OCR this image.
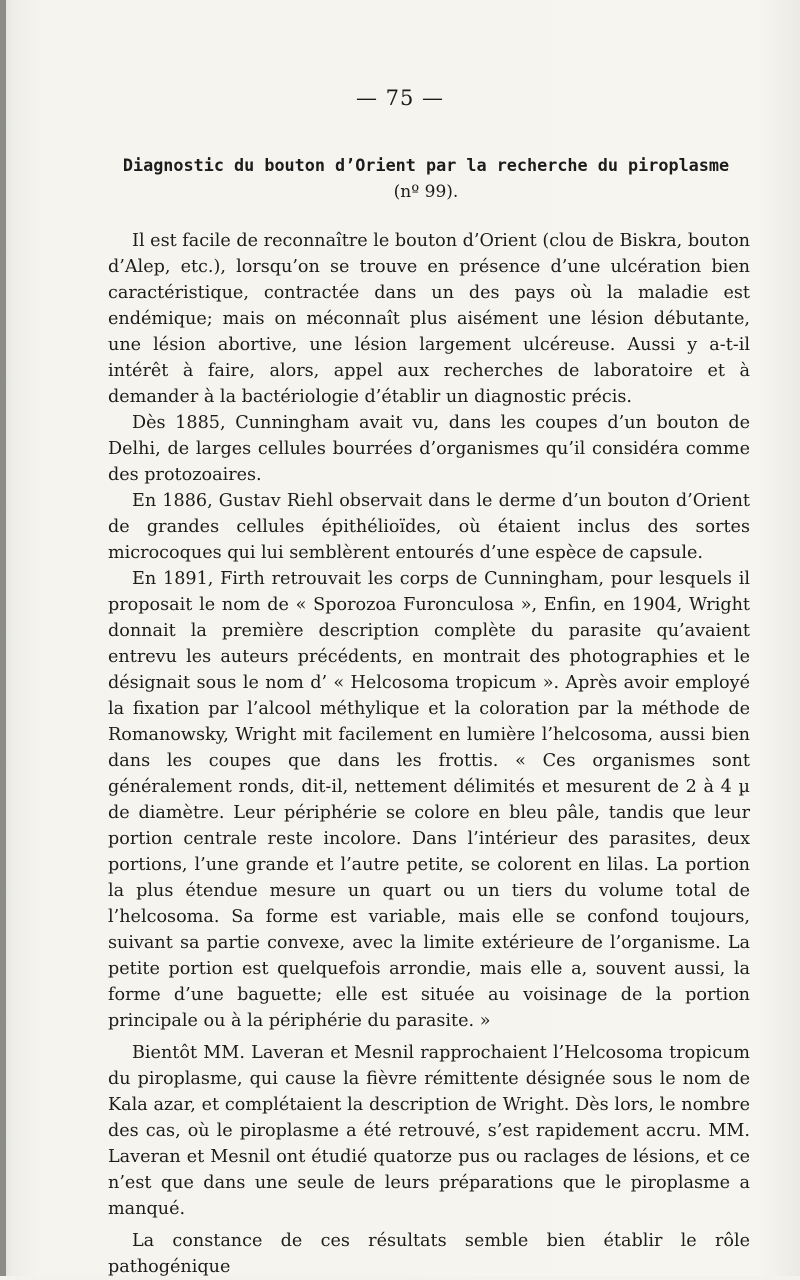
— 75 —
Diagnostic du bouton d’Orient par la recherche du piroplasme
(nº 99).

Il est facile de reconnaître le bouton d’Orient (clou de Biskra, bouton d’Alep, etc.), lorsqu’on se trouve en présence d’une ulcération bien caractéristique, contractée dans un des pays où la maladie est endémique; mais on méconnaît plus aisément une lésion débutante, une lésion abortive, une lésion largement ulcéreuse. Aussi y a-t-il intérêt à faire, alors, appel aux recherches de laboratoire et à demander à la bactériologie d’établir un diagnostic précis.

Dès 1885, Cunningham avait vu, dans les coupes d’un bouton de Delhi, de larges cellules bourrées d’organismes qu’il considéra comme des protozoaires.

En 1886, Gustav Riehl observait dans le derme d’un bouton d’Orient de grandes cellules épithélioïdes, où étaient inclus des sortes microcoques qui lui semblèrent entourés d’une espèce de capsule.

En 1891, Firth retrouvait les corps de Cunningham, pour lesquels il proposait le nom de « Sporozoa Furonculosa », Enfin, en 1904, Wright donnait la première description complète du parasite qu’avaient entrevu les auteurs précédents, en montrait des photographies et le désignait sous le nom d’ « Helcosoma tropicum ». Après avoir employé la fixation par l’alcool méthylique et la coloration par la méthode de Romanowsky, Wright mit facilement en lumière l’helcosoma, aussi bien dans les coupes que dans les frottis. « Ces organismes sont généralement ronds, dit-il, nettement délimités et mesurent de 2 à 4 µ de diamètre. Leur périphérie se colore en bleu pâle, tandis que leur portion centrale reste incolore. Dans l’intérieur des parasites, deux portions, l’une grande et l’autre petite, se colorent en lilas. La portion la plus étendue mesure un quart ou un tiers du volume total de l’helcosoma. Sa forme est variable, mais elle se confond toujours, suivant sa partie convexe, avec la limite extérieure de l’organisme. La petite portion est quelquefois arrondie, mais elle a, souvent aussi, la forme d’une baguette; elle est située au voisinage de la portion principale ou à la périphérie du parasite. »

Bientôt MM. Laveran et Mesnil rapprochaient l’Helcosoma tropicum du piroplasme, qui cause la fièvre rémittente désignée sous le nom de Kala azar, et complétaient la description de Wright. Dès lors, le nombre des cas, où le piroplasme a été retrouvé, s’est rapidement accru. MM. Laveran et Mesnil ont étudié quatorze pus ou raclages de lésions, et ce n’est que dans une seule de leurs préparations que le piroplasme a manqué.

La constance de ces résultats semble bien établir le rôle pathogénique
